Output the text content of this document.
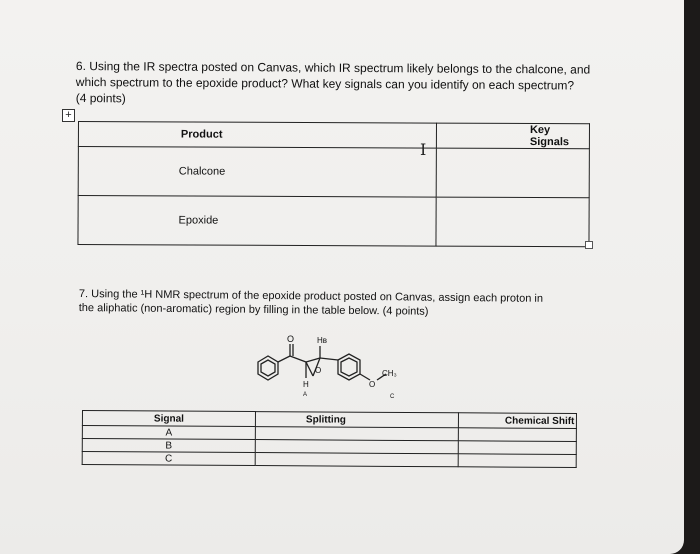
6. Using the IR spectra posted on Canvas, which IR spectrum likely belongs to the chalcone, and
which spectrum to the epoxide product? What key signals can you identify on each spectrum?
(4 points)
+
Product	Key Signals
Chalcone	
Epoxide	
I
7. Using the ¹H NMR spectrum of the epoxide product posted on Canvas, assign each proton in
the aliphatic (non-aromatic) region by filling in the table below. (4 points)
O	Hʙ
O
H
A
O
CH₃
C
Signal	Splitting	Chemical Shift
A		
B		
C		
